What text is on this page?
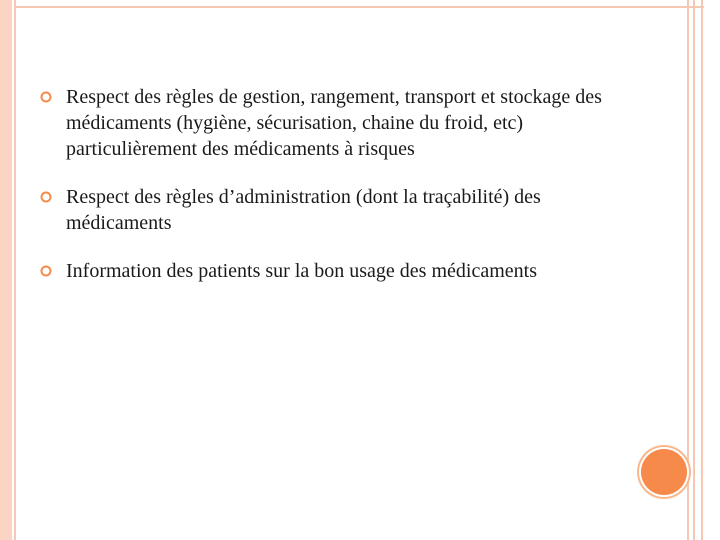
Respect des règles de gestion, rangement, transport et stockage des médicaments (hygiène, sécurisation, chaine du froid, etc) particulièrement des médicaments à risques
Respect des règles d’administration (dont la traçabilité) des médicaments
Information des patients sur la bon usage des médicaments
